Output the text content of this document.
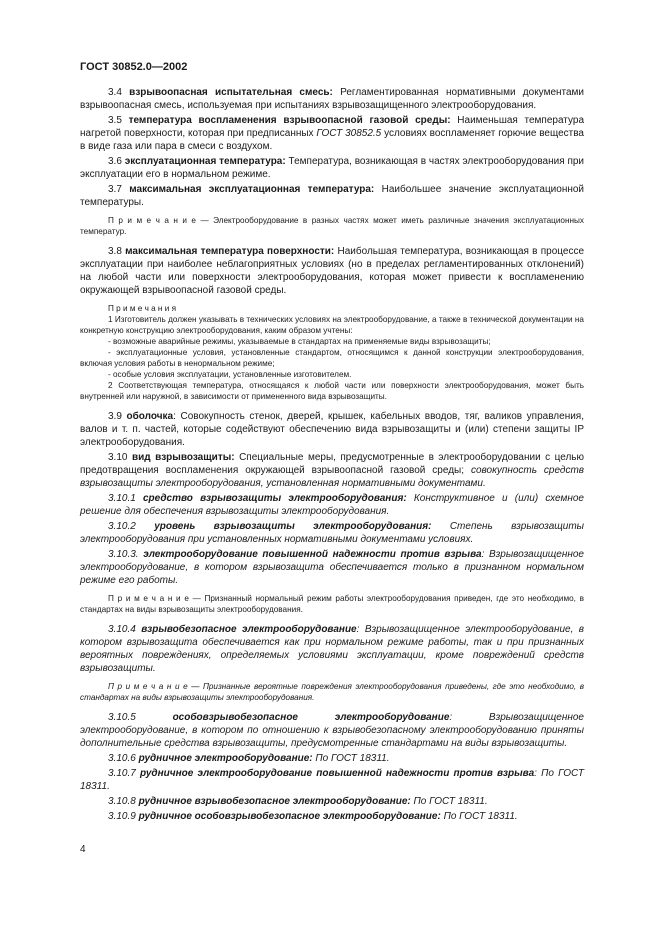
ГОСТ 30852.0—2002

3.4 взрывоопасная испытательная смесь: Регламентированная нормативными документами взрывоопасная смесь, используемая при испытаниях взрывозащищенного электрооборудования.

3.5 температура воспламенения взрывоопасной газовой среды: Наименьшая температура нагретой поверхности, которая при предписанных ГОСТ 30852.5 условиях воспламеняет горючие вещества в виде газа или пара в смеси с воздухом.

3.6 эксплуатационная температура: Температура, возникающая в частях электрооборудования при эксплуатации его в нормальном режиме.

3.7 максимальная эксплуатационная температура: Наибольшее значение эксплуатационной температуры.

П р и м е ч а н и е — Электрооборудование в разных частях может иметь различные значения эксплуатационных температур.

3.8 максимальная температура поверхности: Наибольшая температура, возникающая в процессе эксплуатации при наиболее неблагоприятных условиях (но в пределах регламентированных отклонений) на любой части или поверхности электрооборудования, которая может привести к воспламенению окружающей взрывоопасной газовой среды.

П р и м е ч а н и я

1 Изготовитель должен указывать в технических условиях на электрооборудование, а также в технической документации на конкретную конструкцию электрооборудования, каким образом учтены:

- возможные аварийные режимы, указываемые в стандартах на применяемые виды взрывозащиты;

- эксплуатационные условия, установленные стандартом, относящимся к данной конструкции электрооборудования, включая условия работы в ненормальном режиме;

- особые условия эксплуатации, установленные изготовителем.

2 Соответствующая температура, относящаяся к любой части или поверхности электрооборудования, может быть внутренней или наружной, в зависимости от примененного вида взрывозащиты.

3.9 оболочка: Совокупность стенок, дверей, крышек, кабельных вводов, тяг, валиков управления, валов и т. п. частей, которые содействуют обеспечению вида взрывозащиты и (или) степени защиты IP электрооборудования.

3.10 вид взрывозащиты: Специальные меры, предусмотренные в электрооборудовании с целью предотвращения воспламенения окружающей взрывоопасной газовой среды; совокупность средств взрывозащиты электрооборудования, установленная нормативными документами.

3.10.1 средство взрывозащиты электрооборудования: Конструктивное и (или) схемное решение для обеспечения взрывозащиты электрооборудования.

3.10.2 уровень взрывозащиты электрооборудования: Степень взрывозащиты электрооборудования при установленных нормативными документами условиях.

3.10.3. электрооборудование повышенной надежности против взрыва: Взрывозащищенное электрооборудование, в котором взрывозащита обеспечивается только в признанном нормальном режиме его работы.

П р и м е ч а н и е — Признанный нормальный режим работы электрооборудования приведен, где это необходимо, в стандартах на виды взрывозащиты электрооборудования.

3.10.4 взрывобезопасное электрооборудование: Взрывозащищенное электрооборудование, в котором взрывозащита обеспечивается как при нормальном режиме работы, так и при признанных вероятных повреждениях, определяемых условиями эксплуатации, кроме повреждений средств взрывозащиты.

П р и м е ч а н и е — Признанные вероятные повреждения электрооборудования приведены, где это необходимо, в стандартах на виды взрывозащиты электрооборудования.

3.10.5	особовзрывобезопасное электрооборудование: Взрывозащищенное электрооборудование, в котором по отношению к взрывобезопасному электрооборудованию приняты дополнительные средства взрывозащиты, предусмотренные стандартами на виды взрывозащиты.

3.10.6 рудничное электрооборудование: По ГОСТ 18311.

3.10.7 рудничное электрооборудование повышенной надежности против взрыва: По ГОСТ 18311.

3.10.8 рудничное взрывобезопасное электрооборудование: По ГОСТ 18311.

3.10.9 рудничное особовзрывобезопасное электрооборудование: По ГОСТ 18311.

4
